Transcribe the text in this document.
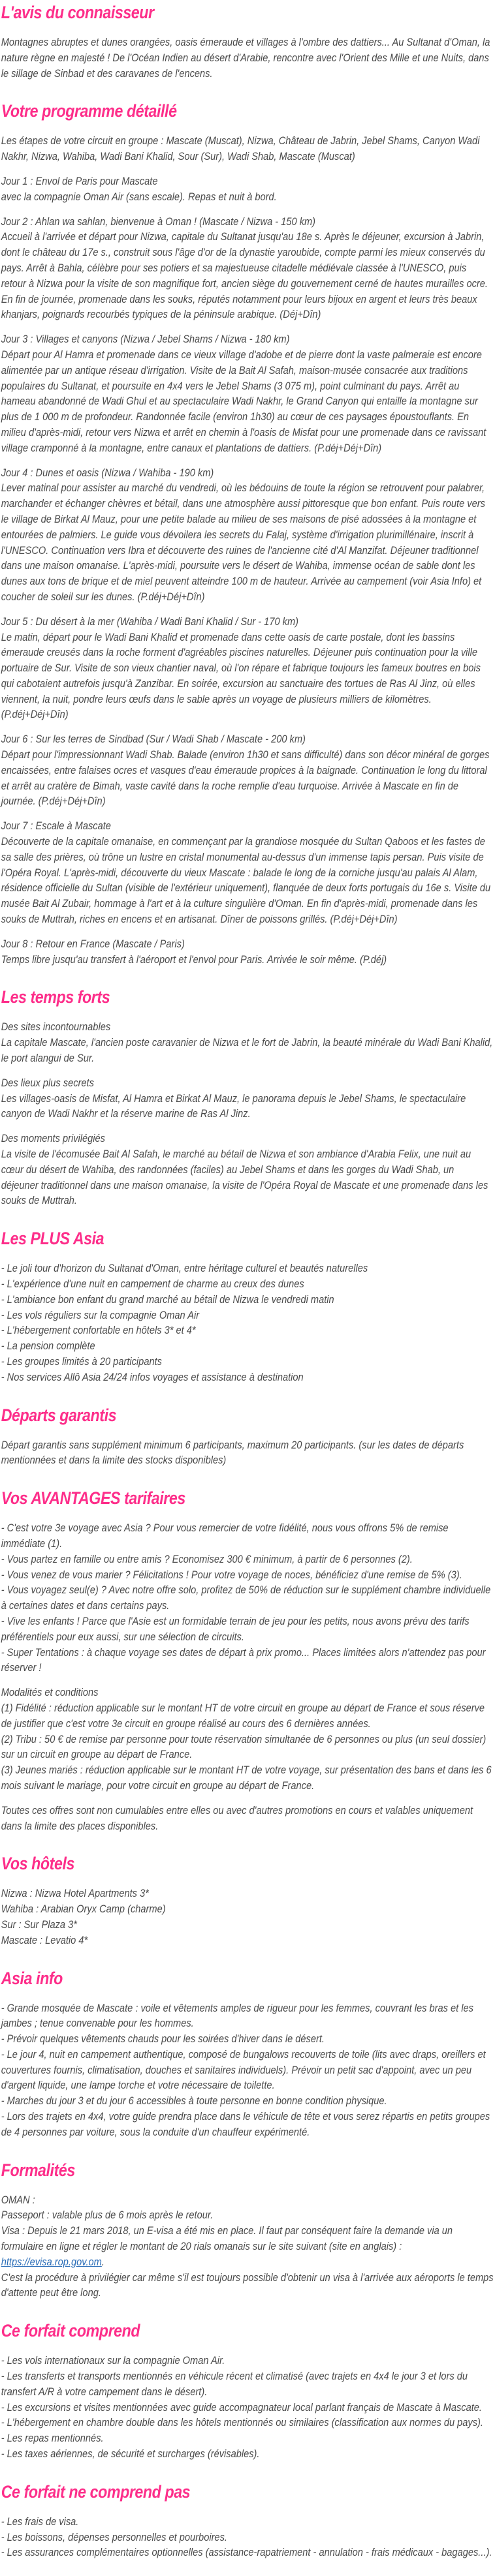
L'avis du connaisseur

Montagnes abruptes et dunes orangées, oasis émeraude et villages à l'ombre des dattiers... Au Sultanat d'Oman, la nature règne en majesté ! De l'Océan Indien au désert d'Arabie, rencontre avec l'Orient des Mille et une Nuits, dans le sillage de Sinbad et des caravanes de l'encens.

Votre programme détaillé

Les étapes de votre circuit en groupe : Mascate (Muscat), Nizwa, Château de Jabrin, Jebel Shams, Canyon Wadi Nakhr, Nizwa, Wahiba, Wadi Bani Khalid, Sour (Sur), Wadi Shab, Mascate (Muscat)

Jour 1 : Envol de Paris pour Mascate
avec la compagnie Oman Air (sans escale). Repas et nuit à bord.
Jour 2 : Ahlan wa sahlan, bienvenue à Oman ! (Mascate / Nizwa - 150 km)
Accueil à l'arrivée et départ pour Nizwa, capitale du Sultanat jusqu'au 18e s. Après le déjeuner, excursion à Jabrin, dont le château du 17e s., construit sous l'âge d'or de la dynastie yaroubide, compte parmi les mieux conservés du pays. Arrêt à Bahla, célèbre pour ses potiers et sa majestueuse citadelle médiévale classée à l'UNESCO, puis retour à Nizwa pour la visite de son magnifique fort, ancien siège du gouvernement cerné de hautes murailles ocre. En fin de journée, promenade dans les souks, réputés notamment pour leurs bijoux en argent et leurs très beaux khanjars, poignards recourbés typiques de la péninsule arabique. (Déj+Dîn)
Jour 3 : Villages et canyons (Nizwa / Jebel Shams / Nizwa - 180 km)
Départ pour Al Hamra et promenade dans ce vieux village d'adobe et de pierre dont la vaste palmeraie est encore alimentée par un antique réseau d'irrigation. Visite de la Bait Al Safah, maison-musée consacrée aux traditions populaires du Sultanat, et poursuite en 4x4 vers le Jebel Shams (3 075 m), point culminant du pays. Arrêt au hameau abandonné de Wadi Ghul et au spectaculaire Wadi Nakhr, le Grand Canyon qui entaille la montagne sur plus de 1 000 m de profondeur. Randonnée facile (environ 1h30) au cœur de ces paysages époustouflants. En milieu d'après-midi, retour vers Nizwa et arrêt en chemin à l'oasis de Misfat pour une promenade dans ce ravissant village cramponné à la montagne, entre canaux et plantations de dattiers. (P.déj+Déj+Dîn)
Jour 4 : Dunes et oasis (Nizwa / Wahiba - 190 km)
Lever matinal pour assister au marché du vendredi, où les bédouins de toute la région se retrouvent pour palabrer, marchander et échanger chèvres et bétail, dans une atmosphère aussi pittoresque que bon enfant. Puis route vers le village de Birkat Al Mauz, pour une petite balade au milieu de ses maisons de pisé adossées à la montagne et entourées de palmiers. Le guide vous dévoilera les secrets du Falaj, système d'irrigation plurimillénaire, inscrit à l'UNESCO. Continuation vers Ibra et découverte des ruines de l'ancienne cité d'Al Manzifat. Déjeuner traditionnel dans une maison omanaise. L'après-midi, poursuite vers le désert de Wahiba, immense océan de sable dont les dunes aux tons de brique et de miel peuvent atteindre 100 m de hauteur. Arrivée au campement (voir Asia Info) et coucher de soleil sur les dunes. (P.déj+Déj+Dîn)
Jour 5 : Du désert à la mer (Wahiba / Wadi Bani Khalid / Sur - 170 km)
Le matin, départ pour le Wadi Bani Khalid et promenade dans cette oasis de carte postale, dont les bassins émeraude creusés dans la roche forment d'agréables piscines naturelles. Déjeuner puis continuation pour la ville portuaire de Sur. Visite de son vieux chantier naval, où l'on répare et fabrique toujours les fameux boutres en bois qui cabotaient autrefois jusqu'à Zanzibar. En soirée, excursion au sanctuaire des tortues de Ras Al Jinz, où elles viennent, la nuit, pondre leurs œufs dans le sable après un voyage de plusieurs milliers de kilomètres. (P.déj+Déj+Dîn)
Jour 6 : Sur les terres de Sindbad (Sur / Wadi Shab / Mascate - 200 km)
Départ pour l'impressionnant Wadi Shab. Balade (environ 1h30 et sans difficulté) dans son décor minéral de gorges encaissées, entre falaises ocres et vasques d'eau émeraude propices à la baignade. Continuation le long du littoral et arrêt au cratère de Bimah, vaste cavité dans la roche remplie d'eau turquoise. Arrivée à Mascate en fin de journée. (P.déj+Déj+Dîn)
Jour 7 : Escale à Mascate
Découverte de la capitale omanaise, en commençant par la grandiose mosquée du Sultan Qaboos et les fastes de sa salle des prières, où trône un lustre en cristal monumental au-dessus d'un immense tapis persan. Puis visite de l'Opéra Royal. L'après-midi, découverte du vieux Mascate : balade le long de la corniche jusqu'au palais Al Alam, résidence officielle du Sultan (visible de l'extérieur uniquement), flanquée de deux forts portugais du 16e s. Visite du musée Bait Al Zubair, hommage à l'art et à la culture singulière d'Oman. En fin d'après-midi, promenade dans les souks de Muttrah, riches en encens et en artisanat. Dîner de poissons grillés. (P.déj+Déj+Dîn)
Jour 8 : Retour en France (Mascate / Paris)
Temps libre jusqu'au transfert à l'aéroport et l'envol pour Paris. Arrivée le soir même. (P.déj)
Les temps forts
Des sites incontournables
La capitale Mascate, l'ancien poste caravanier de Nizwa et le fort de Jabrin, la beauté minérale du Wadi Bani Khalid, le port alangui de Sur.
Des lieux plus secrets
Les villages-oasis de Misfat, Al Hamra et Birkat Al Mauz, le panorama depuis le Jebel Shams, le spectaculaire canyon de Wadi Nakhr et la réserve marine de Ras Al Jinz.
Des moments privilégiés
La visite de l'écomusée Bait Al Safah, le marché au bétail de Nizwa et son ambiance d'Arabia Felix, une nuit au cœur du désert de Wahiba, des randonnées (faciles) au Jebel Shams et dans les gorges du Wadi Shab, un déjeuner traditionnel dans une maison omanaise, la visite de l'Opéra Royal de Mascate et une promenade dans les souks de Muttrah.
Les PLUS Asia
- Le joli tour d'horizon du Sultanat d'Oman, entre héritage culturel et beautés naturelles
- L'expérience d'une nuit en campement de charme au creux des dunes
- L'ambiance bon enfant du grand marché au bétail de Nizwa le vendredi matin
- Les vols réguliers sur la compagnie Oman Air
- L'hébergement confortable en hôtels 3* et 4*
- La pension complète
- Les groupes limités à 20 participants
- Nos services Allô Asia 24/24 infos voyages et assistance à destination
Départs garantis

Départ garantis sans supplément minimum 6 participants, maximum 20 participants. (sur les dates de départs mentionnées et dans la limite des stocks disponibles)

Vos AVANTAGES tarifaires
- C'est votre 3e voyage avec Asia ? Pour vous remercier de votre fidélité, nous vous offrons 5% de remise immédiate (1).
- Vous partez en famille ou entre amis ? Economisez 300 € minimum, à partir de 6 personnes (2).
- Vous venez de vous marier ? Félicitations ! Pour votre voyage de noces, bénéficiez d'une remise de 5% (3).
- Vous voyagez seul(e) ? Avec notre offre solo, profitez de 50% de réduction sur le supplément chambre individuelle à certaines dates et dans certains pays.
- Vive les enfants ! Parce que l'Asie est un formidable terrain de jeu pour les petits, nous avons prévu des tarifs préférentiels pour eux aussi, sur une sélection de circuits.
- Super Tentations : à chaque voyage ses dates de départ à prix promo... Places limitées alors n'attendez pas pour réserver !
Modalités et conditions
(1) Fidélité : réduction applicable sur le montant HT de votre circuit en groupe au départ de France et sous réserve de justifier que c'est votre 3e circuit en groupe réalisé au cours des 6 dernières années.
(2) Tribu : 50 € de remise par personne pour toute réservation simultanée de 6 personnes ou plus (un seul dossier) sur un circuit en groupe au départ de France.
(3) Jeunes mariés : réduction applicable sur le montant HT de votre voyage, sur présentation des bans et dans les 6 mois suivant le mariage, pour votre circuit en groupe au départ de France.

Toutes ces offres sont non cumulables entre elles ou avec d'autres promotions en cours et valables uniquement dans la limite des places disponibles.

Vos hôtels
Nizwa : Nizwa Hotel Apartments 3*
Wahiba : Arabian Oryx Camp (charme)
Sur : Sur Plaza 3*
Mascate : Levatio 4*
Asia info
- Grande mosquée de Mascate : voile et vêtements amples de rigueur pour les femmes, couvrant les bras et les jambes ; tenue convenable pour les hommes.
- Prévoir quelques vêtements chauds pour les soirées d'hiver dans le désert.
- Le jour 4, nuit en campement authentique, composé de bungalows recouverts de toile (lits avec draps, oreillers et couvertures fournis, climatisation, douches et sanitaires individuels). Prévoir un petit sac d'appoint, avec un peu d'argent liquide, une lampe torche et votre nécessaire de toilette.
- Marches du jour 3 et du jour 6 accessibles à toute personne en bonne condition physique.
- Lors des trajets en 4x4, votre guide prendra place dans le véhicule de tête et vous serez répartis en petits groupes de 4 personnes par voiture, sous la conduite d'un chauffeur expérimenté.
Formalités
OMAN :
Passeport : valable plus de 6 mois après le retour.
Visa : Depuis le 21 mars 2018, un E-visa a été mis en place. Il faut par conséquent faire la demande via un formulaire en ligne et régler le montant de 20 rials omanais sur le site suivant (site en anglais) : https://evisa.rop.gov.om.
C'est la procédure à privilégier car même s'il est toujours possible d'obtenir un visa à l'arrivée aux aéroports le temps d'attente peut être long.
Ce forfait comprend
- Les vols internationaux sur la compagnie Oman Air.
- Les transferts et transports mentionnés en véhicule récent et climatisé (avec trajets en 4x4 le jour 3 et lors du transfert A/R à votre campement dans le désert).
- Les excursions et visites mentionnées avec guide accompagnateur local parlant français de Mascate à Mascate.
- L'hébergement en chambre double dans les hôtels mentionnés ou similaires (classification aux normes du pays).
- Les repas mentionnés.
- Les taxes aériennes, de sécurité et surcharges (révisables).
Ce forfait ne comprend pas
- Les frais de visa.
- Les boissons, dépenses personnelles et pourboires.
- Les assurances complémentaires optionnelles (assistance-rapatriement - annulation - frais médicaux - bagages...).
